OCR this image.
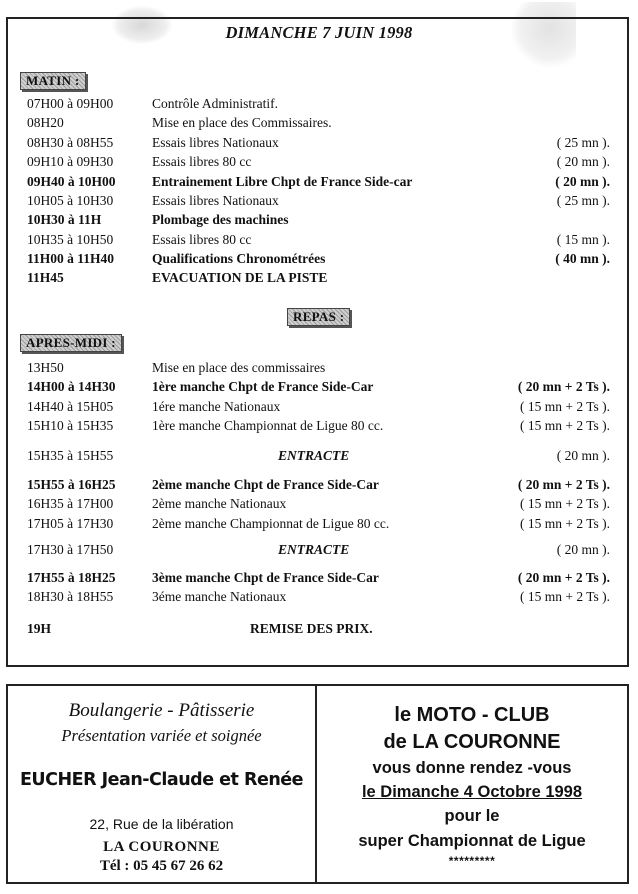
DIMANCHE 7 JUIN 1998
MATIN :
REPAS :
APRES-MIDI :
07H00 à 09H00	Contrôle Administratif.
08H20	Mise en place des Commissaires.
08H30 à 08H55	Essais libres Nationaux	( 25 mn ).
09H10 à 09H30	Essais libres 80 cc	( 20 mn ).
09H40 à 10H00	Entrainement Libre Chpt de France Side-car	( 20 mn ).
10H05 à 10H30	Essais libres Nationaux	( 25 mn ).
10H30 à 11H	Plombage des machines
10H35 à 10H50	Essais libres 80 cc	( 15 mn ).
11H00 à 11H40	Qualifications Chronométrées	( 40 mn ).
11H45	EVACUATION DE LA PISTE
13H50	Mise en place des commissaires
14H00 à 14H30	1ère manche Chpt de France Side-Car	( 20 mn + 2 Ts ).
14H40 à 15H05	1ére manche Nationaux	( 15 mn + 2 Ts ).
15H10 à 15H35	1ère manche Championnat de Ligue 80 cc.	( 15 mn + 2 Ts ).
15H35 à 15H55	ENTRACTE	( 20 mn ).
15H55 à 16H25	2ème manche Chpt de France Side-Car	( 20 mn + 2 Ts ).
16H35 à 17H00	2ème manche Nationaux	( 15 mn + 2 Ts ).
17H05 à 17H30	2ème manche Championnat de Ligue 80 cc.	( 15 mn + 2 Ts ).
17H30 à 17H50	ENTRACTE	( 20 mn ).
17H55 à 18H25	3ème manche Chpt de France Side-Car	( 20 mn + 2 Ts ).
18H30 à 18H55	3éme manche Nationaux	( 15 mn + 2 Ts ).
19H	REMISE DES PRIX.
Boulangerie - Pâtisserie
Présentation variée et soignée
EUCHER Jean-Claude et Renée
22, Rue de la libération
LA COURONNE
Tél : 05 45 67 26 62
le MOTO - CLUB
de LA COURONNE
vous donne rendez -vous
le Dimanche 4 Octobre 1998
pour le
super Championnat de Ligue
*********
